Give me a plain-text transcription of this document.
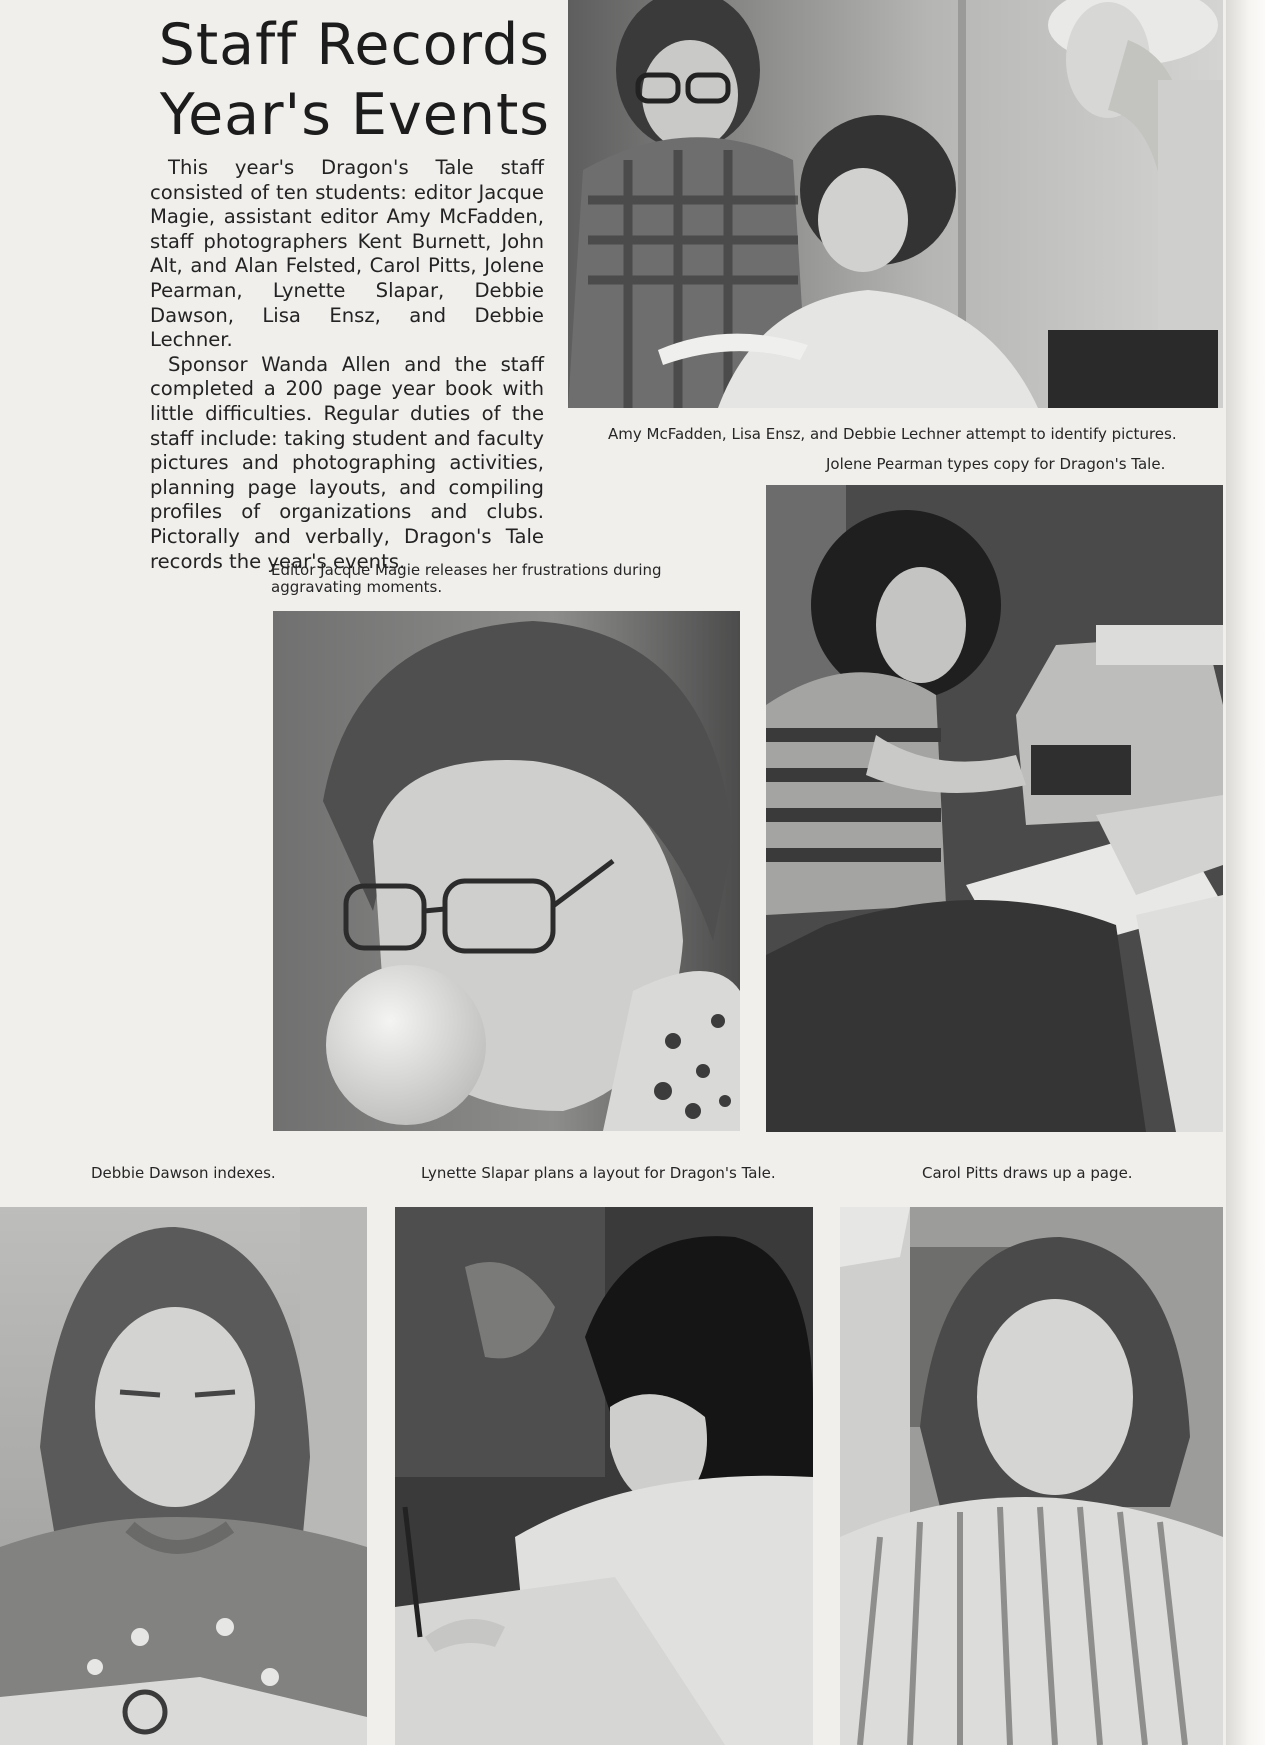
Staff Records
Year's Events

This year's Dragon's Tale staff consisted of ten students: editor Jacque Magie, assistant editor Amy McFadden, staff photographers Kent Burnett, John Alt, and Alan Felsted, Carol Pitts, Jolene Pearman, Lynette Slapar, Debbie Dawson, Lisa Ensz, and Debbie Lechner.

Sponsor Wanda Allen and the staff completed a 200 page year book with little difficulties. Regular duties of the staff include: taking student and faculty pictures and photographing activities, planning page layouts, and compiling profiles of organizations and clubs. Pictorally and verbally, Dragon's Tale records the year's events.

Amy McFadden, Lisa Ensz, and Debbie Lechner attempt to identify pictures.
Jolene Pearman types copy for Dragon's Tale.
Editor Jacque Magie releases her frustrations during aggravating moments.
Debbie Dawson indexes.	Lynette Slapar plans a layout for Dragon's Tale.	Carol Pitts draws up a page.
